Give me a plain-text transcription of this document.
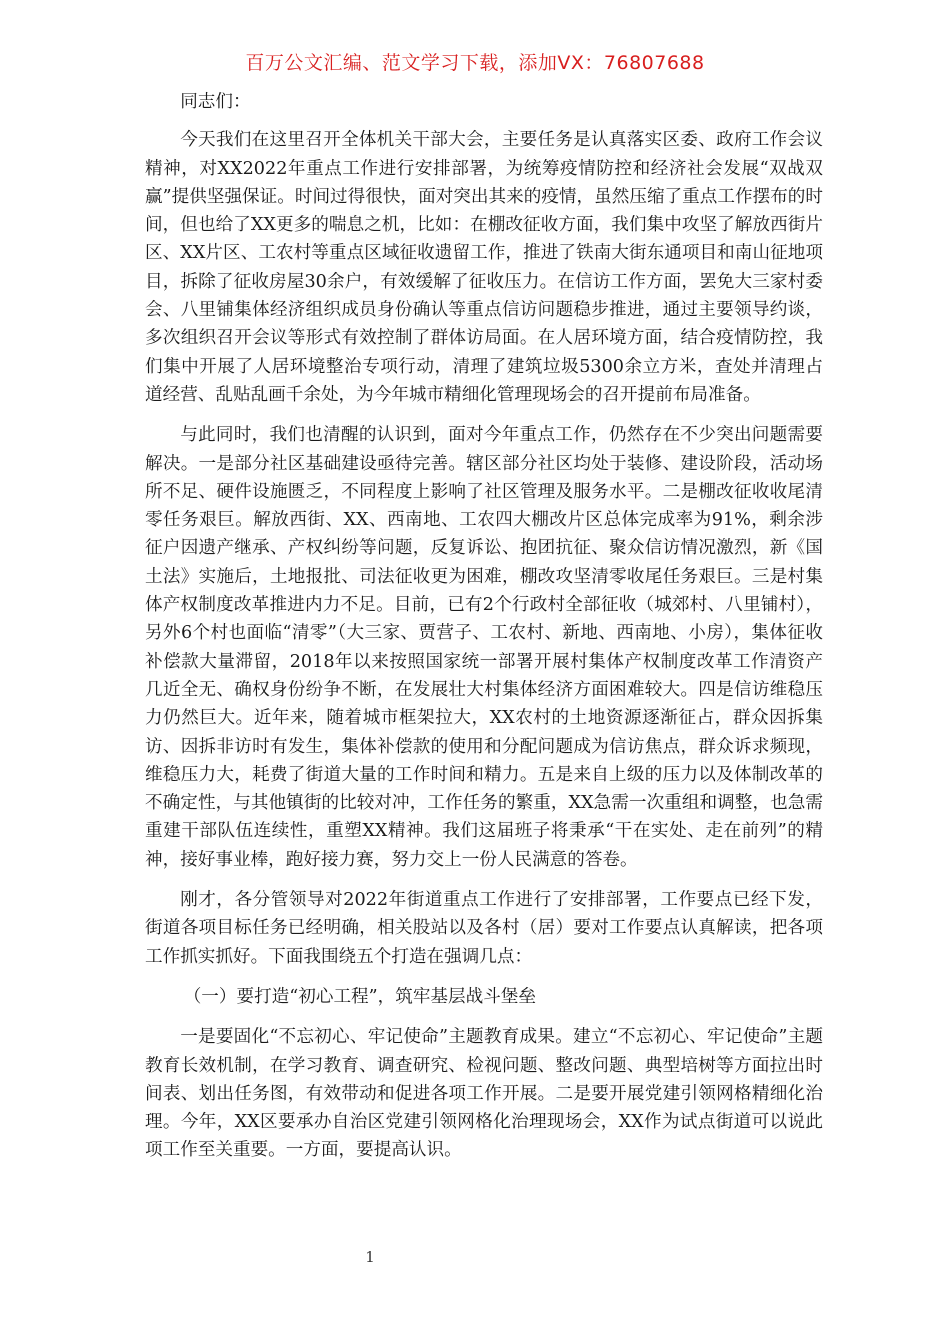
百万公文汇编、范文学习下载，添加VX：76807688

同志们：

今天我们在这里召开全体机关干部大会，主要任务是认真落实区委、政府工作会议精神，对XX2022年重点工作进行安排部署，为统筹疫情防控和经济社会发展“双战双赢”提供坚强保证。时间过得很快，面对突出其来的疫情，虽然压缩了重点工作摆布的时间，但也给了XX更多的喘息之机，比如：在棚改征收方面，我们集中攻坚了解放西街片区、XX片区、工农村等重点区域征收遗留工作，推进了铁南大街东通项目和南山征地项目，拆除了征收房屋30余户，有效缓解了征收压力。在信访工作方面，罢免大三家村委会、八里铺集体经济组织成员身份确认等重点信访问题稳步推进，通过主要领导约谈，多次组织召开会议等形式有效控制了群体访局面。在人居环境方面，结合疫情防控，我们集中开展了人居环境整治专项行动，清理了建筑垃圾5300余立方米，查处并清理占道经营、乱贴乱画千余处，为今年城市精细化管理现场会的召开提前布局准备。

与此同时，我们也清醒的认识到，面对今年重点工作，仍然存在不少突出问题需要解决。一是部分社区基础建设亟待完善。辖区部分社区均处于装修、建设阶段，活动场所不足、硬件设施匮乏，不同程度上影响了社区管理及服务水平。二是棚改征收收尾清零任务艰巨。解放西街、XX、西南地、工农四大棚改片区总体完成率为91%，剩余涉征户因遗产继承、产权纠纷等问题，反复诉讼、抱团抗征、聚众信访情况激烈，新《国土法》实施后，土地报批、司法征收更为困难，棚改攻坚清零收尾任务艰巨。三是村集体产权制度改革推进内力不足。目前，已有2个行政村全部征收（城郊村、八里铺村），另外6个村也面临“清零”（大三家、贾营子、工农村、新地、西南地、小房），集体征收补偿款大量滞留，2018年以来按照国家统一部署开展村集体产权制度改革工作清资产几近全无、确权身份纷争不断，在发展壮大村集体经济方面困难较大。四是信访维稳压力仍然巨大。近年来，随着城市框架拉大，XX农村的土地资源逐渐征占，群众因拆集访、因拆非访时有发生，集体补偿款的使用和分配问题成为信访焦点，群众诉求频现，维稳压力大，耗费了街道大量的工作时间和精力。五是来自上级的压力以及体制改革的不确定性，与其他镇街的比较对冲，工作任务的繁重，XX急需一次重组和调整，也急需重建干部队伍连续性，重塑XX精神。我们这届班子将秉承“干在实处、走在前列”的精神，接好事业棒，跑好接力赛，努力交上一份人民满意的答卷。

刚才，各分管领导对2022年街道重点工作进行了安排部署，工作要点已经下发，街道各项目标任务已经明确，相关股站以及各村（居）要对工作要点认真解读，把各项工作抓实抓好。下面我围绕五个打造在强调几点：

（一）要打造“初心工程”，筑牢基层战斗堡垒

一是要固化“不忘初心、牢记使命”主题教育成果。建立“不忘初心、牢记使命”主题教育长效机制，在学习教育、调查研究、检视问题、整改问题、典型培树等方面拉出时间表、划出任务图，有效带动和促进各项工作开展。二是要开展党建引领网格精细化治理。今年，XX区要承办自治区党建引领网格化治理现场会，XX作为试点街道可以说此项工作至关重要。一方面，要提高认识。

1
